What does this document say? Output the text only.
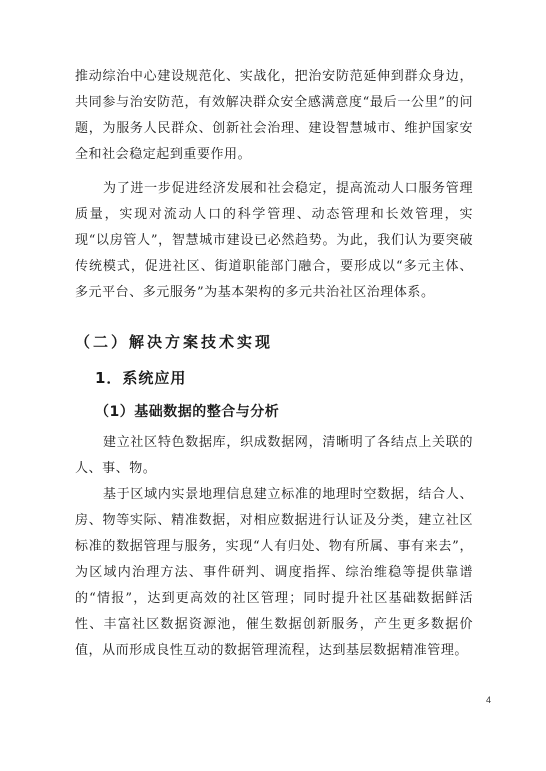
推动综治中心建设规范化、实战化，把治安防范延伸到群众身边，共同参与治安防范，有效解决群众安全感满意度“最后一公里”的问题，为服务人民群众、创新社会治理、建设智慧城市、维护国家安全和社会稳定起到重要作用。

为了进一步促进经济发展和社会稳定，提高流动人口服务管理质量，实现对流动人口的科学管理、动态管理和长效管理，实现“以房管人”，智慧城市建设已必然趋势。为此，我们认为要突破传统模式，促进社区、街道职能部门融合，要形成以“多元主体、多元平台、多元服务”为基本架构的多元共治社区治理体系。

（二）解决方案技术实现
1．系统应用
（1）基础数据的整合与分析

建立社区特色数据库，织成数据网，清晰明了各结点上关联的人、事、物。

基于区域内实景地理信息建立标准的地理时空数据，结合人、房、物等实际、精准数据，对相应数据进行认证及分类，建立社区标准的数据管理与服务，实现“人有归处、物有所属、事有来去”，为区域内治理方法、事件研判、调度指挥、综治维稳等提供靠谱的“情报”，达到更高效的社区管理；同时提升社区基础数据鲜活性、丰富社区数据资源池，催生数据创新服务，产生更多数据价值，从而形成良性互动的数据管理流程，达到基层数据精准管理。

4
